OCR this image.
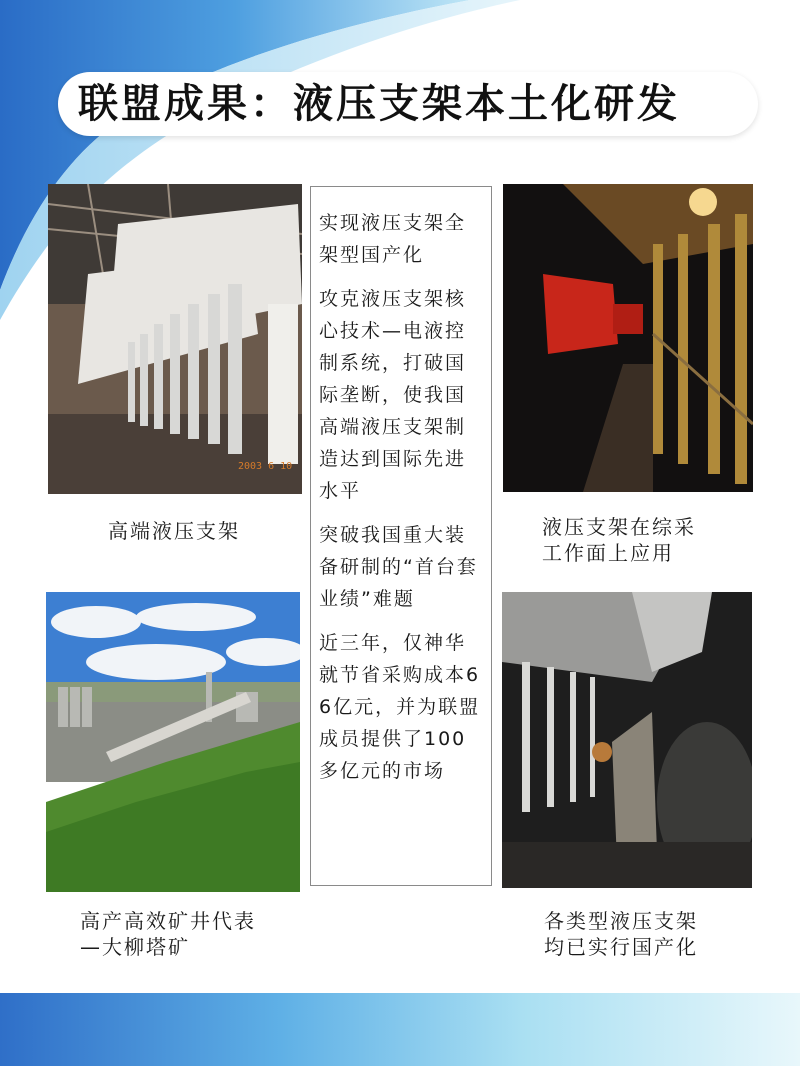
联盟成果：液压支架本土化研发
2003 6 10
高端液压支架	液压支架在综采
工作面上应用
高产高效矿井代表
—大柳塔矿
各类型液压支架
均已实行国产化

实现液压支架全架型国产化

攻克液压支架核心技术—电液控制系统，打破国际垄断，使我国高端液压支架制造达到国际先进水平

突破我国重大装备研制的“首台套业绩”难题

近三年，仅神华就节省采购成本66亿元，并为联盟成员提供了100多亿元的市场
